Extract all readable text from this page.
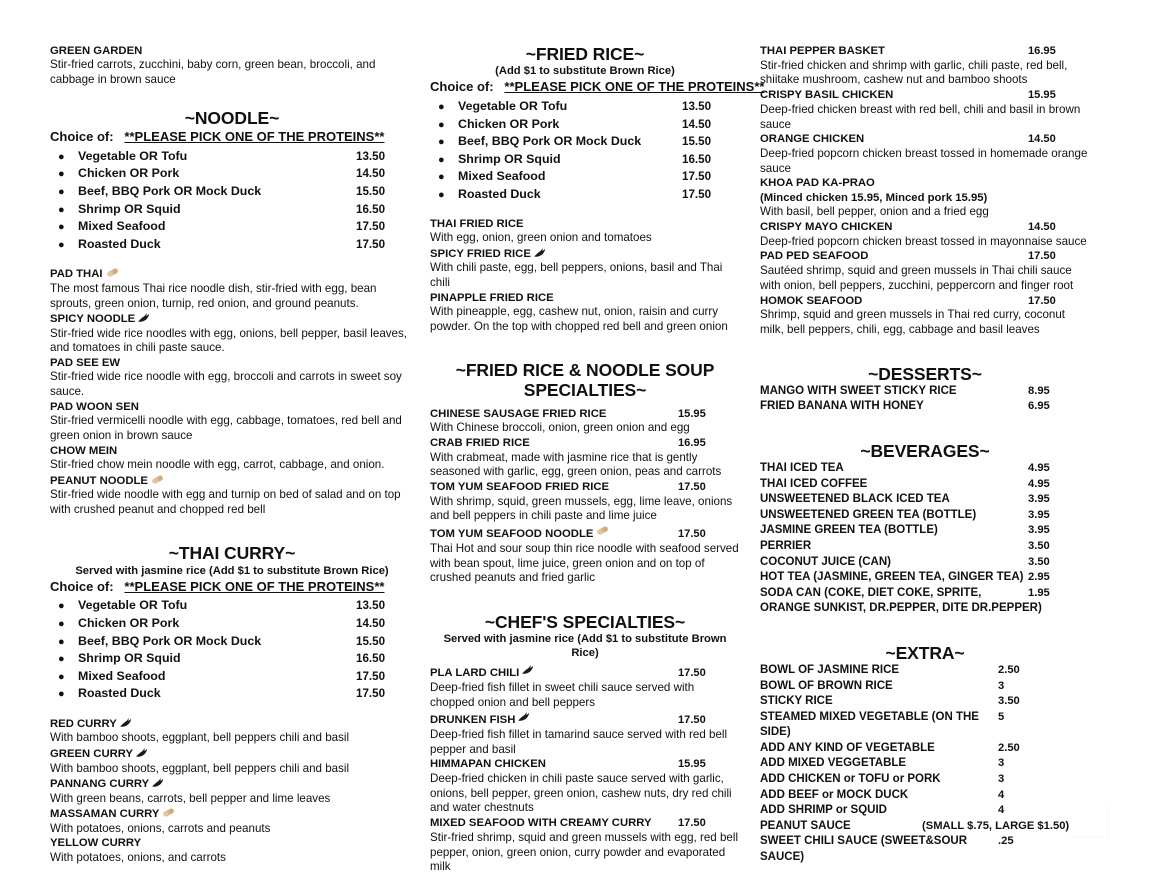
GREEN GARDEN
Stir-fried carrots, zucchini, baby corn, green bean, broccoli, and cabbage in brown sauce
~NOODLE~
Choice of: **PLEASE PICK ONE OF THE PROTEINS**
●	Vegetable OR Tofu	13.50
●	Chicken OR Pork	14.50
●	Beef, BBQ Pork OR Mock Duck	15.50
●	Shrimp OR Squid	16.50
●	Mixed Seafood	17.50
●	Roasted Duck	17.50
PAD THAI
The most famous Thai rice noodle dish, stir-fried with egg, bean sprouts, green onion, turnip, red onion, and ground peanuts.
SPICY NOODLE
Stir-fried wide rice noodles with egg, onions, bell pepper, basil leaves, and tomatoes in chili paste sauce.
PAD SEE EW
Stir-fried wide rice noodle with egg, broccoli and carrots in sweet soy sauce.
PAD WOON SEN
Stir-fried vermicelli noodle with egg, cabbage, tomatoes, red bell and green onion in brown sauce
CHOW MEIN
Stir-fried chow mein noodle with egg, carrot, cabbage, and onion.
PEANUT NOODLE
Stir-fried wide noodle with egg and turnip on bed of salad and on top with crushed peanut and chopped red bell
~THAI CURRY~
Served with jasmine rice (Add $1 to substitute Brown Rice)
Choice of: **PLEASE PICK ONE OF THE PROTEINS**
●	Vegetable OR Tofu	13.50
●	Chicken OR Pork	14.50
●	Beef, BBQ Pork OR Mock Duck	15.50
●	Shrimp OR Squid	16.50
●	Mixed Seafood	17.50
●	Roasted Duck	17.50
RED CURRY
With bamboo shoots, eggplant, bell peppers chili and basil
GREEN CURRY
With bamboo shoots, eggplant, bell peppers chili and basil
PANNANG CURRY
With green beans, carrots, bell pepper and lime leaves
MASSAMAN CURRY
With potatoes, onions, carrots and peanuts
YELLOW CURRY
With potatoes, onions, and carrots
~FRIED RICE~
(Add $1 to substitute Brown Rice)
Choice of: **PLEASE PICK ONE OF THE PROTEINS**
●	Vegetable OR Tofu	13.50
●	Chicken OR Pork	14.50
●	Beef, BBQ Pork OR Mock Duck	15.50
●	Shrimp OR Squid	16.50
●	Mixed Seafood	17.50
●	Roasted Duck	17.50
THAI FRIED RICE
With egg, onion, green onion and tomatoes
SPICY FRIED RICE
With chili paste, egg, bell peppers, onions, basil and Thai chili
PINAPPLE FRIED RICE
With pineapple, egg, cashew nut, onion, raisin and curry powder. On the top with chopped red bell and green onion
~FRIED RICE & NOODLE SOUP
SPECIALTIES~
CHINESE SAUSAGE FRIED RICE	15.95
With Chinese broccoli, onion, green onion and egg
CRAB FRIED RICE	16.95
With crabmeat, made with jasmine rice that is gently seasoned with garlic, egg, green onion, peas and carrots
TOM YUM SEAFOOD FRIED RICE	17.50
With shrimp, squid, green mussels, egg, lime leave, onions and bell peppers in chili paste and lime juice
TOM YUM SEAFOOD NOODLE	17.50
Thai Hot and sour soup thin rice noodle with seafood served with bean spout, lime juice, green onion and on top of crushed peanuts and fried garlic
~CHEF'S SPECIALTIES~
Served with jasmine rice (Add $1 to substitute Brown Rice)
PLA LARD CHILI	17.50
Deep-fried fish fillet in sweet chili sauce served with chopped onion and bell peppers
DRUNKEN FISH	17.50
Deep-fried fish fillet in tamarind sauce served with red bell pepper and basil
HIMMAPAN CHICKEN	15.95
Deep-fried chicken in chili paste sauce served with garlic, onions, bell pepper, green onion, cashew nuts, dry red chili and water chestnuts
MIXED SEAFOOD WITH CREAMY CURRY 17.50
Stir-fried shrimp, squid and green mussels with egg, red bell pepper, onion, green onion, curry powder and evaporated milk
THAI PEPPER BASKET	16.95
Stir-fried chicken and shrimp with garlic, chili paste, red bell, shiitake mushroom, cashew nut and bamboo shoots
CRISPY BASIL CHICKEN	15.95
Deep-fried chicken breast with red bell, chili and basil in brown sauce
ORANGE CHICKEN	14.50
Deep-fried popcorn chicken breast tossed in homemade orange sauce
KHOA PAD KA-PRAO
(Minced chicken 15.95, Minced pork 15.95)
With basil, bell pepper, onion and a fried egg
CRISPY MAYO CHICKEN	14.50
Deep-fried popcorn chicken breast tossed in mayonnaise sauce
PAD PED SEAFOOD	17.50
Sautéed shrimp, squid and green mussels in Thai chili sauce with onion, bell peppers, zucchini, peppercorn and finger root
HOMOK SEAFOOD	17.50
Shrimp, squid and green mussels in Thai red curry, coconut milk, bell peppers, chili, egg, cabbage and basil leaves
~DESSERTS~
MANGO WITH SWEET STICKY RICE	8.95
FRIED BANANA WITH HONEY	6.95
~BEVERAGES~
THAI ICED TEA	4.95
THAI ICED COFFEE	4.95
UNSWEETENED BLACK ICED TEA	3.95
UNSWEETENED GREEN TEA (BOTTLE)	3.95
JASMINE GREEN TEA (BOTTLE)	3.95
PERRIER	3.50
COCONUT JUICE (CAN)	3.50
HOT TEA (JASMINE, GREEN TEA, GINGER TEA) 2.95
SODA CAN (COKE, DIET COKE, SPRITE,	1.95
ORANGE SUNKIST, DR.PEPPER, DITE DR.PEPPER)
~EXTRA~
BOWL OF JASMINE RICE	2.50
BOWL OF BROWN RICE	3
STICKY RICE	3.50
STEAMED MIXED VEGETABLE (ON THE SIDE)
5
ADD ANY KIND OF VEGETABLE	2.50
ADD MIXED VEGGETABLE	3
ADD CHICKEN or TOFU or PORK	3
ADD BEEF or MOCK DUCK	4
ADD SHRIMP or SQUID	4
PEANUT SAUCE	(SMALL $.75, LARGE $1.50)
SWEET CHILI SAUCE (SWEET&SOUR SAUCE)
.25
